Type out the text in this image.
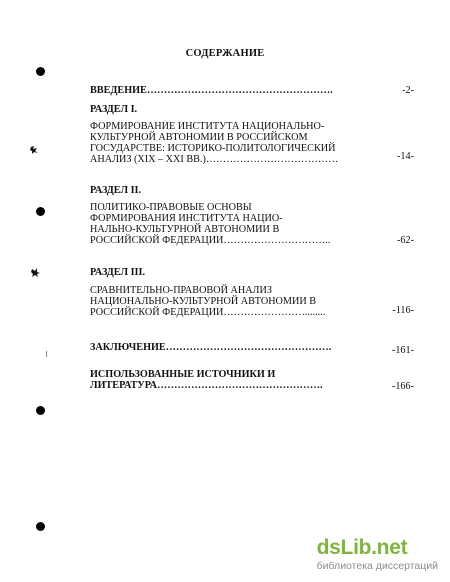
СОДЕРЖАНИЕ
ВВЕДЕНИЕ……………………………………………….	-2-
РАЗДЕЛ I.
ФОРМИРОВАНИЕ ИНСТИТУТА НАЦИОНАЛЬНО-
КУЛЬТУРНОЙ АВТОНОМИИ В РОССИЙСКОМ
ГОСУДАРСТВЕ: ИСТОРИКО-ПОЛИТОЛОГИЧЕСКИЙ
АНАЛИЗ (XIX – XXI ВВ.)…………………………………	-14-
РАЗДЕЛ II.
ПОЛИТИКО-ПРАВОВЫЕ ОСНОВЫ
ФОРМИРОВАНИЯ ИНСТИТУТА НАЦИО-
НАЛЬНО-КУЛЬТУРНОЙ АВТОНОМИИ В
РОССИЙСКОЙ ФЕДЕРАЦИИ…………………………..	-62-
РАЗДЕЛ III.
СРАВНИТЕЛЬНО-ПРАВОВОЙ АНАЛИЗ
НАЦИОНАЛЬНО-КУЛЬТУРНОЙ АВТОНОМИИ В
РОССИЙСКОЙ ФЕДЕРАЦИИ……………………........	-116-
ЗАКЛЮЧЕНИЕ………………………………………….	-161-
ИСПОЛЬЗОВАННЫЕ ИСТОЧНИКИ И
ЛИТЕРАТУРА………………………………………….	-166-
dsLib.net
библиотека диссертаций
